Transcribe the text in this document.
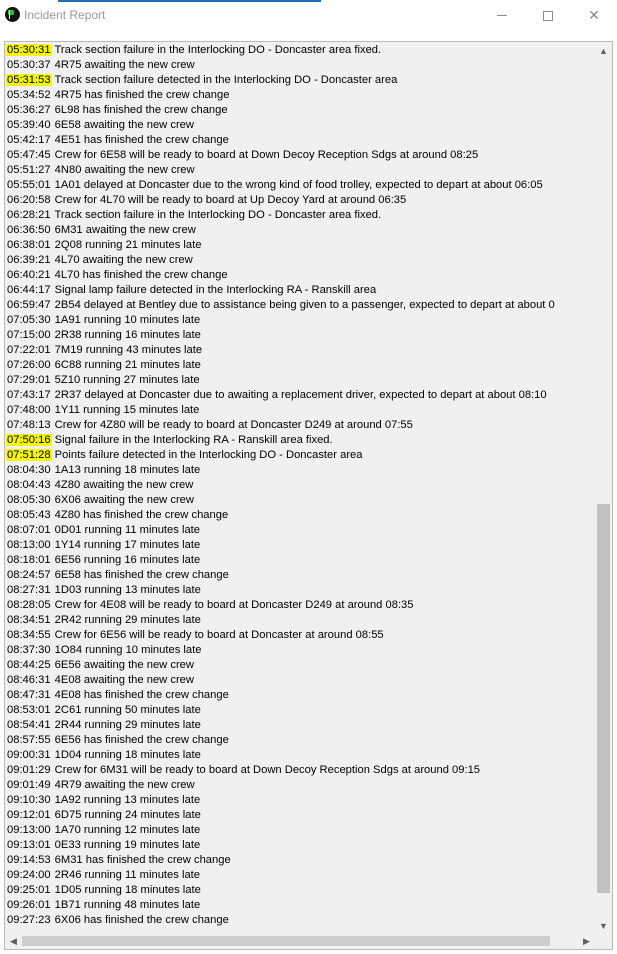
Incident Report	✕
05:30:31 Track section failure in the Interlocking DO - Doncaster area fixed.
05:30:37 4R75 awaiting the new crew
05:31:53 Track section failure detected in the Interlocking DO - Doncaster area
05:34:52 4R75 has finished the crew change
05:36:27 6L98 has finished the crew change
05:39:40 6E58 awaiting the new crew
05:42:17 4E51 has finished the crew change
05:47:45 Crew for 6E58 will be ready to board at Down Decoy Reception Sdgs at around 08:25
05:51:27 4N80 awaiting the new crew
05:55:01 1A01 delayed at Doncaster due to the wrong kind of food trolley, expected to depart at about 06:05
06:20:58 Crew for 4L70 will be ready to board at Up Decoy Yard at around 06:35
06:28:21 Track section failure in the Interlocking DO - Doncaster area fixed.
06:36:50 6M31 awaiting the new crew
06:38:01 2Q08 running 21 minutes late
06:39:21 4L70 awaiting the new crew
06:40:21 4L70 has finished the crew change
06:44:17 Signal lamp failure detected in the Interlocking RA - Ranskill area
06:59:47 2B54 delayed at Bentley due to assistance being given to a passenger, expected to depart at about 0
07:05:30 1A91 running 10 minutes late
07:15:00 2R38 running 16 minutes late
07:22:01 7M19 running 43 minutes late
07:26:00 6C88 running 21 minutes late
07:29:01 5Z10 running 27 minutes late
07:43:17 2R37 delayed at Doncaster due to awaiting a replacement driver, expected to depart at about 08:10
07:48:00 1Y11 running 15 minutes late
07:48:13 Crew for 4Z80 will be ready to board at Doncaster D249 at around 07:55
07:50:16 Signal failure in the Interlocking RA - Ranskill area fixed.
07:51:28 Points failure detected in the Interlocking DO - Doncaster area
08:04:30 1A13 running 18 minutes late
08:04:43 4Z80 awaiting the new crew
08:05:30 6X06 awaiting the new crew
08:05:43 4Z80 has finished the crew change
08:07:01 0D01 running 11 minutes late
08:13:00 1Y14 running 17 minutes late
08:18:01 6E56 running 16 minutes late
08:24:57 6E58 has finished the crew change
08:27:31 1D03 running 13 minutes late
08:28:05 Crew for 4E08 will be ready to board at Doncaster D249 at around 08:35
08:34:51 2R42 running 29 minutes late
08:34:55 Crew for 6E56 will be ready to board at Doncaster at around 08:55
08:37:30 1O84 running 10 minutes late
08:44:25 6E56 awaiting the new crew
08:46:31 4E08 awaiting the new crew
08:47:31 4E08 has finished the crew change
08:53:01 2C61 running 50 minutes late
08:54:41 2R44 running 29 minutes late
08:57:55 6E56 has finished the crew change
09:00:31 1D04 running 18 minutes late
09:01:29 Crew for 6M31 will be ready to board at Down Decoy Reception Sdgs at around 09:15
09:01:49 4R79 awaiting the new crew
09:10:30 1A92 running 13 minutes late
09:12:01 6D75 running 24 minutes late
09:13:00 1A70 running 12 minutes late
09:13:01 0E33 running 19 minutes late
09:14:53 6M31 has finished the crew change
09:24:00 2R46 running 11 minutes late
09:25:01 1D05 running 18 minutes late
09:26:01 1B71 running 48 minutes late
09:27:23 6X06 has finished the crew change
▲
▼
◀	▶
